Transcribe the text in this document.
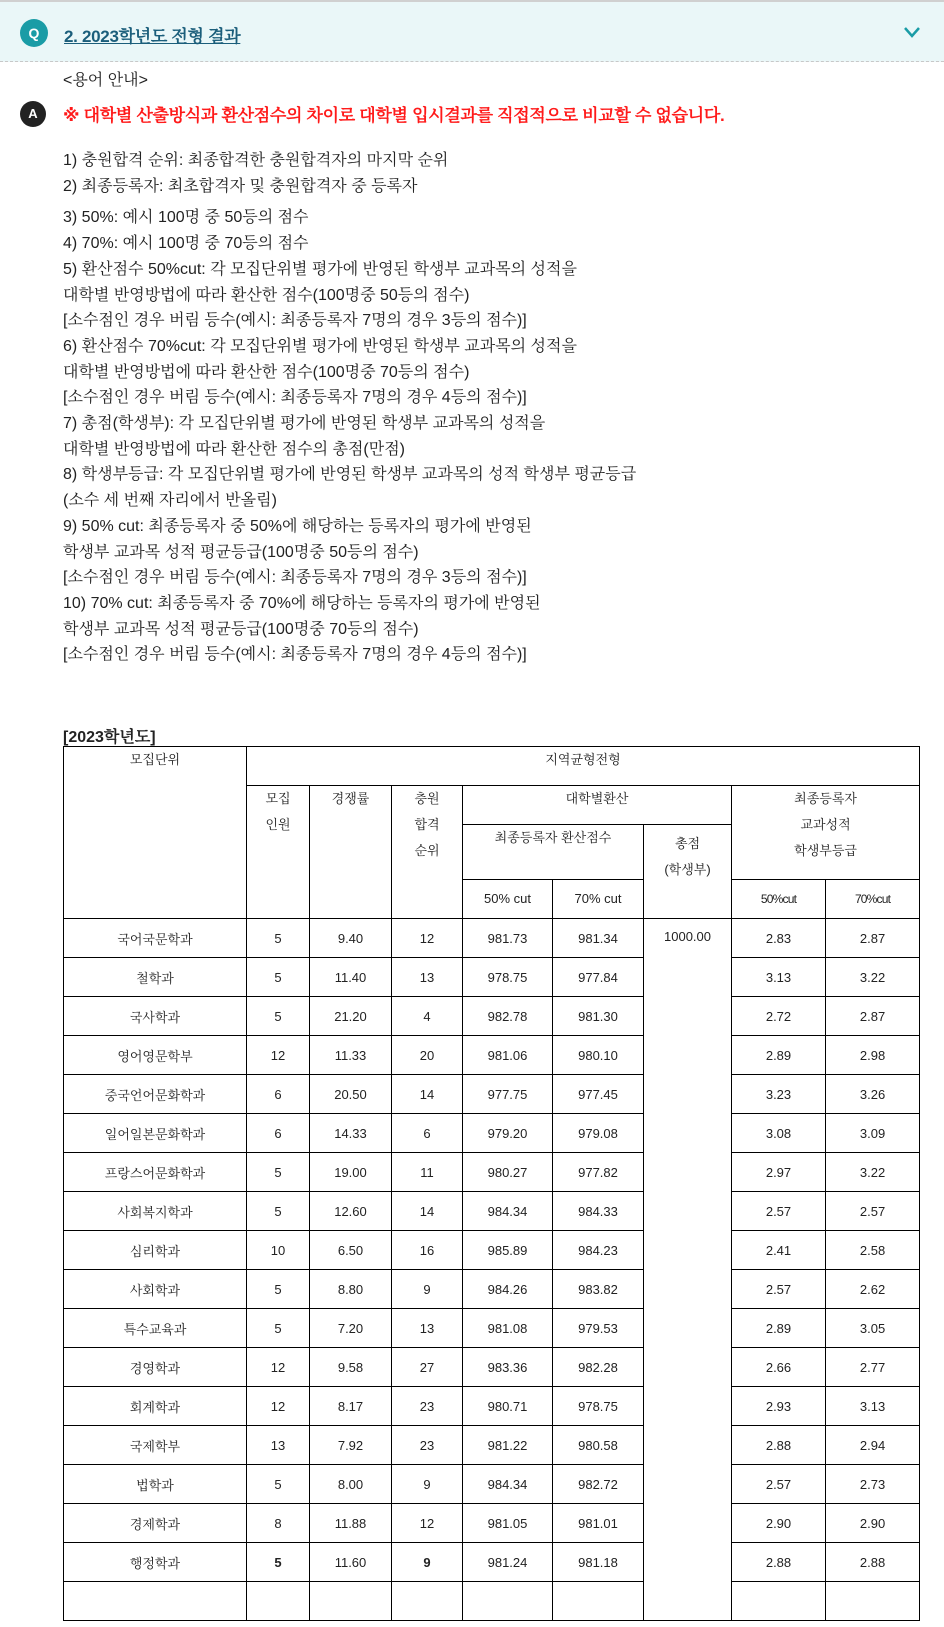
Q	2. 2023학년도 전형 결과
A
<용어 안내>
※ 대학별 산출방식과 환산점수의 차이로 대학별 입시결과를 직접적으로 비교할 수 없습니다.
1) 충원합격 순위: 최종합격한 충원합격자의 마지막 순위
2) 최종등록자: 최초합격자 및 충원합격자 중 등록자
3) 50%: 예시 100명 중 50등의 점수
4) 70%: 예시 100명 중 70등의 점수
5) 환산점수 50%cut: 각 모집단위별 평가에 반영된 학생부 교과목의 성적을
대학별 반영방법에 따라 환산한 점수(100명중 50등의 점수)
[소수점인 경우 버림 등수(예시: 최종등록자 7명의 경우 3등의 점수)]
6) 환산점수 70%cut: 각 모집단위별 평가에 반영된 학생부 교과목의 성적을
대학별 반영방법에 따라 환산한 점수(100명중 70등의 점수)
[소수점인 경우 버림 등수(예시: 최종등록자 7명의 경우 4등의 점수)]
7) 총점(학생부): 각 모집단위별 평가에 반영된 학생부 교과목의 성적을
대학별 반영방법에 따라 환산한 점수의 총점(만점)
8) 학생부등급: 각 모집단위별 평가에 반영된 학생부 교과목의 성적 학생부 평균등급
(소수 세 번째 자리에서 반올림)
9) 50% cut: 최종등록자 중 50%에 해당하는 등록자의 평가에 반영된
학생부 교과목 성적 평균등급(100명중 50등의 점수)
[소수점인 경우 버림 등수(예시: 최종등록자 7명의 경우 3등의 점수)]
10) 70% cut: 최종등록자 중 70%에 해당하는 등록자의 평가에 반영된
학생부 교과목 성적 평균등급(100명중 70등의 점수)
[소수점인 경우 버림 등수(예시: 최종등록자 7명의 경우 4등의 점수)]
[2023학년도]
모집단위	지역균형전형							
	모집
인원	경쟁률	충원
합격
순위	대학별환산			최종등록자
교과성적
학생부등급	
				최종등록자 환산점수		총점
(학생부)		
				50% cut	70% cut		50%cut	70%cut
국어국문학과	5	9.40	12	981.73	981.34	1000.00	2.83	2.87
철학과	5	11.40	13	978.75	977.84		3.13	3.22
국사학과	5	21.20	4	982.78	981.30		2.72	2.87
영어영문학부	12	11.33	20	981.06	980.10		2.89	2.98
중국언어문화학과	6	20.50	14	977.75	977.45		3.23	3.26
일어일본문화학과	6	14.33	6	979.20	979.08		3.08	3.09
프랑스어문화학과	5	19.00	11	980.27	977.82		2.97	3.22
사회복지학과	5	12.60	14	984.34	984.33		2.57	2.57
심리학과	10	6.50	16	985.89	984.23		2.41	2.58
사회학과	5	8.80	9	984.26	983.82		2.57	2.62
특수교육과	5	7.20	13	981.08	979.53		2.89	3.05
경영학과	12	9.58	27	983.36	982.28		2.66	2.77
회계학과	12	8.17	23	980.71	978.75		2.93	3.13
국제학부	13	7.92	23	981.22	980.58		2.88	2.94
법학과	5	8.00	9	984.34	982.72		2.57	2.73
경제학과	8	11.88	12	981.05	981.01		2.90	2.90
행정학과	5	11.60	9	981.24	981.18		2.88	2.88
